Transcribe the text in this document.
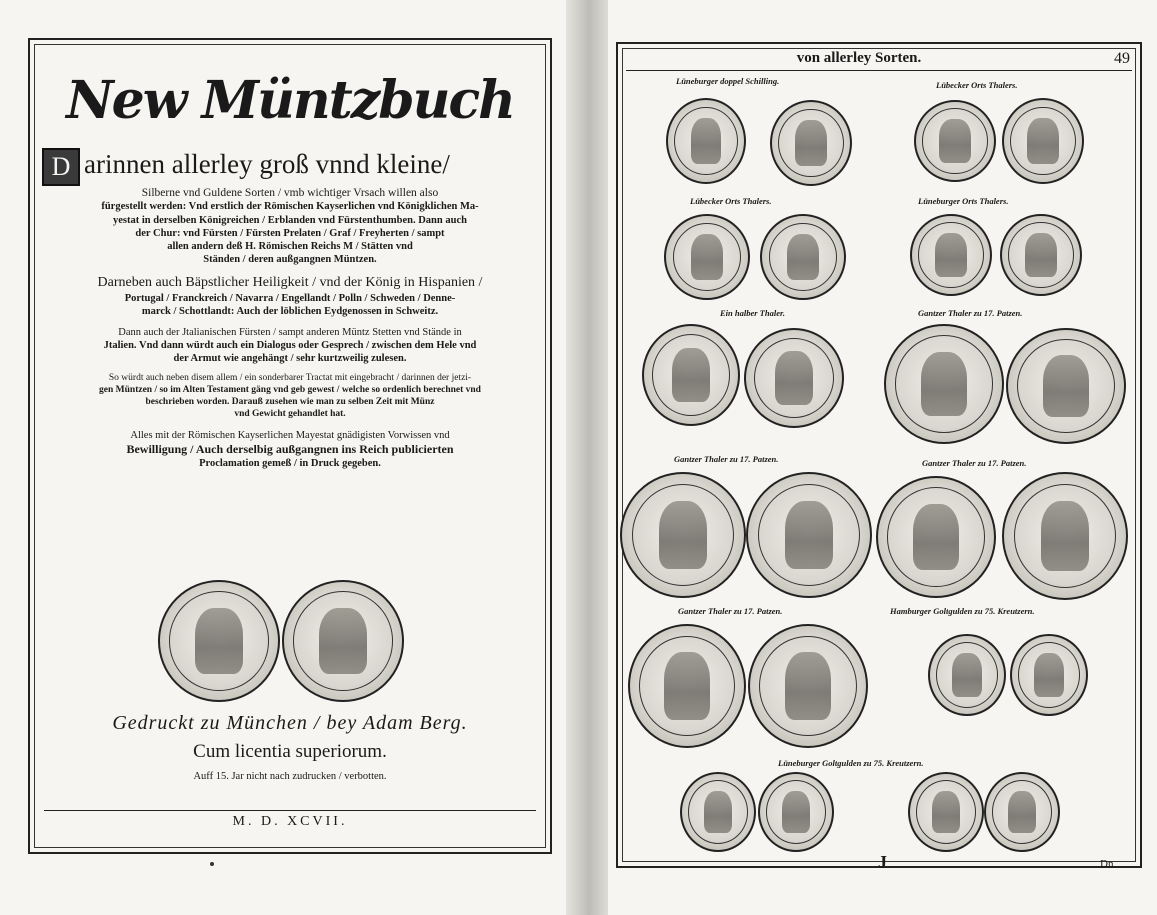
New Müntzbuch
D arinnen allerley groß vnnd kleine/
Silberne vnd Guldene Sorten / vmb wichtiger Vrsach willen also
fürgestellt werden: Vnd erstlich der Römischen Kayserlichen vnd Königklichen Ma-
yestat in derselben Königreichen / Erblanden vnd Fürstenthumben. Dann auch
der Chur: vnd Fürsten / Fürsten Prelaten / Graf / Freyherten / sampt
allen andern deß H. Römischen Reichs M / Stätten vnd
Ständen / deren außgangnen Müntzen.
Darneben auch Bäpstlicher Heiligkeit / vnd der König in Hispanien /
Portugal / Franckreich / Navarra / Engellandt / Polln / Schweden / Denne-
marck / Schottlandt: Auch der löblichen Eydgenossen in Schweitz.
Dann auch der Jtalianischen Fürsten / sampt anderen Müntz Stetten vnd Stände in
Jtalien. Vnd dann würdt auch ein Dialogus oder Gesprech / zwischen dem Hele vnd
der Armut wie angehängt / sehr kurtzweilig zulesen.
So würdt auch neben disem allem / ein sonderbarer Tractat mit eingebracht / darinnen der jetzi-
gen Müntzen / so im Alten Testament gäng vnd geb gewest / welche so ordenlich berechnet vnd
beschrieben worden. Darauß zusehen wie man zu selben Zeit mit Münz
vnd Gewicht gehandlet hat.
Alles mit der Römischen Kayserlichen Mayestat gnädigisten Vorwissen vnd
Bewilligung / Auch derselbig außgangnen ins Reich publicierten
Proclamation gemeß / in Druck gegeben.
Gedruckt zu München / bey Adam Berg.
Cum licentia superiorum.
Auff 15. Jar nicht nach zudrucken / verbotten.
M. D. XCVII.
von allerley Sorten.	49
Lüneburger doppel Schilling.	Lübecker Orts Thalers.
Lübecker Orts Thalers.	Lüneburger Orts Thalers.
Ein halber Thaler.	Gantzer Thaler zu 17. Patzen.
Gantzer Thaler zu 17. Patzen.	Gantzer Thaler zu 17. Patzen.
Gantzer Thaler zu 17. Patzen.	Hamburger Goltgulden zu 75. Kreutzern.
Lüneburger Goltgulden zu 75. Kreutzern.
J	Dn
